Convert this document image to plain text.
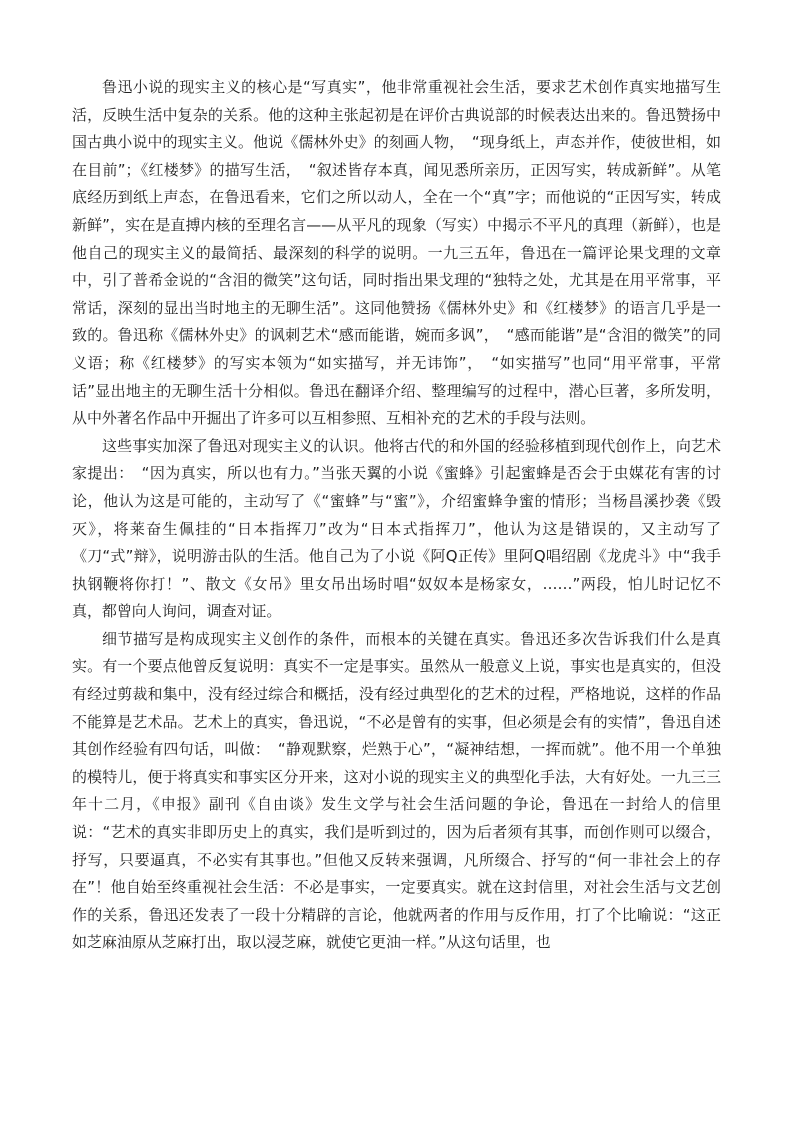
鲁迅小说的现实主义的核心是“写真实”，他非常重视社会生活，要求艺术创作真实地描写生活，反映生活中复杂的关系。他的这种主张起初是在评价古典说部的时候表达出来的。鲁迅赞扬中国古典小说中的现实主义。他说《儒林外史》的刻画人物，　“现身纸上，声态并作，使彼世相，如在目前”；《红楼梦》的描写生活，　“叙述皆存本真，闻见悉所亲历，正因写实，转成新鲜”。从笔底经历到纸上声态，在鲁迅看来，它们之所以动人，全在一个“真”字；而他说的“正因写实，转成新鲜”，实在是直搏内核的至理名言——从平凡的现象（写实）中揭示不平凡的真理（新鲜），也是他自己的现实主义的最简括、最深刻的科学的说明。一九三五年，鲁迅在一篇评论果戈理的文章中，引了普希金说的“含泪的微笑”这句话，同时指出果戈理的“独特之处，尤其是在用平常事，平常话，深刻的显出当时地主的无聊生活”。这同他赞扬《儒林外史》和《红楼梦》的语言几乎是一致的。鲁迅称《儒林外史》的讽刺艺术“感而能谐，婉而多讽”，　“感而能谐”是“含泪的微笑”的同义语；称《红楼梦》的写实本领为“如实描写，并无讳饰”，　“如实描写”也同“用平常事，平常话”显出地主的无聊生活十分相似。鲁迅在翻译介绍、整理编写的过程中，潜心巨著，多所发明，从中外著名作品中开掘出了许多可以互相参照、互相补充的艺术的手段与法则。

这些事实加深了鲁迅对现实主义的认识。他将古代的和外国的经验移植到现代创作上，向艺术家提出：　“因为真实，所以也有力。”当张天翼的小说《蜜蜂》引起蜜蜂是否会于虫媒花有害的讨论，他认为这是可能的，主动写了《“蜜蜂”与“蜜”》，介绍蜜蜂争蜜的情形；当杨昌溪抄袭《毁灭》，将莱奋生佩挂的“日本指挥刀”改为“日本式指挥刀”，他认为这是错误的，又主动写了《刀“式”辩》，说明游击队的生活。他自己为了小说《阿Q正传》里阿Q唱绍剧《龙虎斗》中“我手执钢鞭将你打！”、散文《女吊》里女吊出场时唱“奴奴本是杨家女，……”两段，怕儿时记忆不真，都曾向人询问，调查对证。

细节描写是构成现实主义创作的条件，而根本的关键在真实。鲁迅还多次告诉我们什么是真实。有一个要点他曾反复说明：真实不一定是事实。虽然从一般意义上说，事实也是真实的，但没有经过剪裁和集中，没有经过综合和概括，没有经过典型化的艺术的过程，严格地说，这样的作品不能算是艺术品。艺术上的真实，鲁迅说，“不必是曾有的实事，但必须是会有的实情”，鲁迅自述其创作经验有四句话，叫做：　“静观默察，烂熟于心”，“凝神结想，一挥而就”。他不用一个单独的模特儿，便于将真实和事实区分开来，这对小说的现实主义的典型化手法，大有好处。一九三三年十二月，《申报》副刊《自由谈》发生文学与社会生活问题的争论，鲁迅在一封给人的信里说：“艺术的真实非即历史上的真实，我们是听到过的，因为后者须有其事，而创作则可以缀合，抒写，只要逼真，不必实有其事也。”但他又反转来强调，凡所缀合、抒写的“何一非社会上的存在”！他自始至终重视社会生活：不必是事实，一定要真实。就在这封信里，对社会生活与文艺创作的关系，鲁迅还发表了一段十分精辟的言论，他就两者的作用与反作用，打了个比喻说：“这正如芝麻油原从芝麻打出，取以浸芝麻，就使它更油一样。”从这句话里，也
